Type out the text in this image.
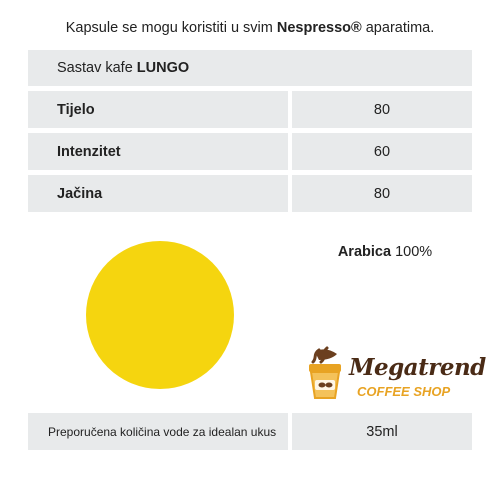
Kapsule se mogu koristiti u svim Nespresso® aparatima.
Sastav kafe LUNGO
Tijelo	80
Intenzitet	60
Jačina	80
Arabica 100%
Megatrend
COFFEE SHOP
Preporučena količina vode za idealan ukus	35ml
